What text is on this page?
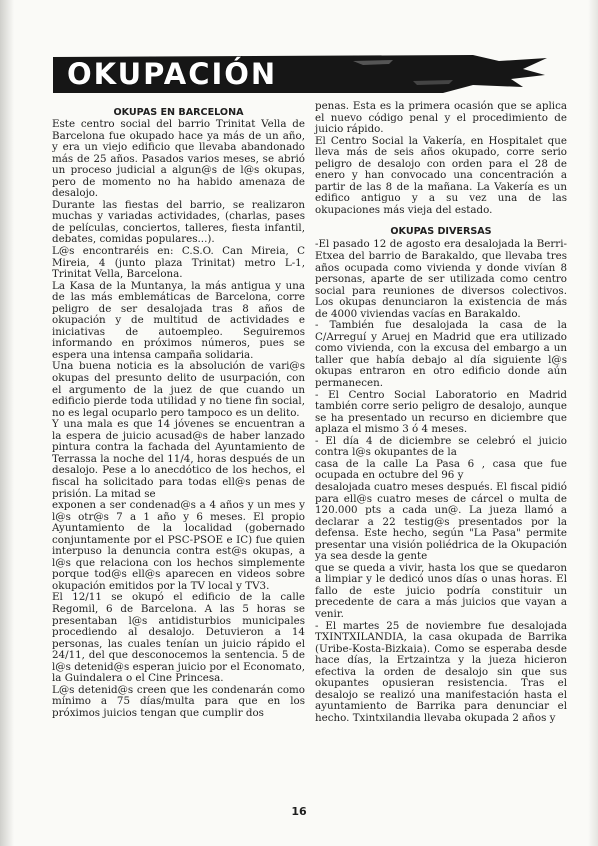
OKUPACIÓN
OKUPAS EN BARCELONA

Este centro social del barrio Trinitat Vella de Barcelona fue okupado hace ya más de un año, y era un viejo edificio que llevaba abandonado más de 25 años. Pasados varios meses, se abrió un proceso judicial a algun@s de l@s okupas, pero de momento no ha habido amenaza de desalojo.

Durante las fiestas del barrio, se realizaron muchas y variadas actividades, (charlas, pases de películas, conciertos, talleres, fiesta infantil, debates, comidas populares...).

L@s encontraréis en: C.S.O. Can Mireia, C Mireia, 4 (junto plaza Trinitat) metro L-1, Trinitat Vella, Barcelona.

La Kasa de la Muntanya, la más antigua y una de las más emblemáticas de Barcelona, corre peligro de ser desalojada tras 8 años de okupación y de multitud de actividades e iniciativas de autoempleo. Seguiremos informando en próximos números, pues se espera una intensa campaña solidaria.

Una buena noticia es la absolución de vari@s okupas del presunto delito de usurpación, con el argumento de la juez de que cuando un edificio pierde toda utilidad y no tiene fin social, no es legal ocuparlo pero tampoco es un delito.

Y una mala es que 14 jóvenes se encuentran a la espera de juicio acusad@s de haber lanzado pintura contra la fachada del Ayuntamiento de Terrassa la noche del 11/4, horas después de un desalojo. Pese a lo anecdótico de los hechos, el fiscal ha solicitado para todas ell@s penas de prisión. La mitad se

exponen a ser condenad@s a 4 años y un mes y l@s otr@s 7 a 1 año y 6 meses. El propio Ayuntamiento de la localidad (gobernado conjuntamente por el PSC-PSOE e IC) fue quien interpuso la denuncia contra est@s okupas, a l@s que relaciona con los hechos simplemente porque tod@s ell@s aparecen en videos sobre okupación emitidos por la TV local y TV3.

El 12/11 se okupó el edificio de la calle Regomil, 6 de Barcelona. A las 5 horas se presentaban l@s antidisturbios municipales procediendo al desalojo. Detuvieron a 14 personas, las cuales tenían un juicio rápido el 24/11, del que desconocemos la sentencia. 5 de l@s detenid@s esperan juicio por el Economato, la Guindalera o el Cine Princesa.

L@s detenid@s creen que les condenarán como mínimo a 75 días/multa para que en los próximos juicios tengan que cumplir dos

penas. Esta es la primera ocasión que se aplica el nuevo código penal y el procedimiento de juicio rápido.

El Centro Social la Vakería, en Hospitalet que lleva más de seis años okupado, corre serio peligro de desalojo con orden para el 28 de enero y han convocado una concentración a partir de las 8 de la mañana. La Vakería es un edifico antiguo y a su vez una de las okupaciones más vieja del estado.

OKUPAS DIVERSAS

-El pasado 12 de agosto era desalojada la Berri-Etxea del barrio de Barakaldo, que llevaba tres años ocupada como vivienda y donde vivían 8 personas, aparte de ser utilizada como centro social para reuniones de diversos colectivos. Los okupas denunciaron la existencia de más de 4000 viviendas vacías en Barakaldo.

- También fue desalojada la casa de la C/Arreguí y Aruej en Madrid que era utilizado como vivienda, con la excusa del embargo a un taller que había debajo al día siguiente l@s okupas entraron en otro edificio donde aún permanecen.

- El Centro Social Laboratorio en Madrid también corre serio peligro de desalojo, aunque se ha presentado un recurso en diciembre que aplaza el mismo 3 ó 4 meses.

- El día 4 de diciembre se celebró el juicio contra l@s okupantes de la

casa de la calle La Pasa 6 , casa que fue ocupada en octubre del 96 y

desalojada cuatro meses después. El fiscal pidió para ell@s cuatro meses de cárcel o multa de 120.000 pts a cada un@. La jueza llamó a declarar a 22 testig@s presentados por la defensa. Este hecho, según "La Pasa" permite presentar una visión poliédrica de la Okupación ya sea desde la gente

que se queda a vivir, hasta los que se quedaron a limpiar y le dedicó unos días o unas horas. El fallo de este juicio podría constituir un precedente de cara a más juicios que vayan a venir.

- El martes 25 de noviembre fue desalojada TXINTXILANDIA, la casa okupada de Barrika (Uribe-Kosta-Bizkaia). Como se esperaba desde hace días, la Ertzaintza y la jueza hicieron efectiva la orden de desalojo sin que sus okupantes opusieran resistencia. Tras el desalojo se realizó una manifestación hasta el ayuntamiento de Barrika para denunciar el hecho. Txintxilandia llevaba okupada 2 años y

16
